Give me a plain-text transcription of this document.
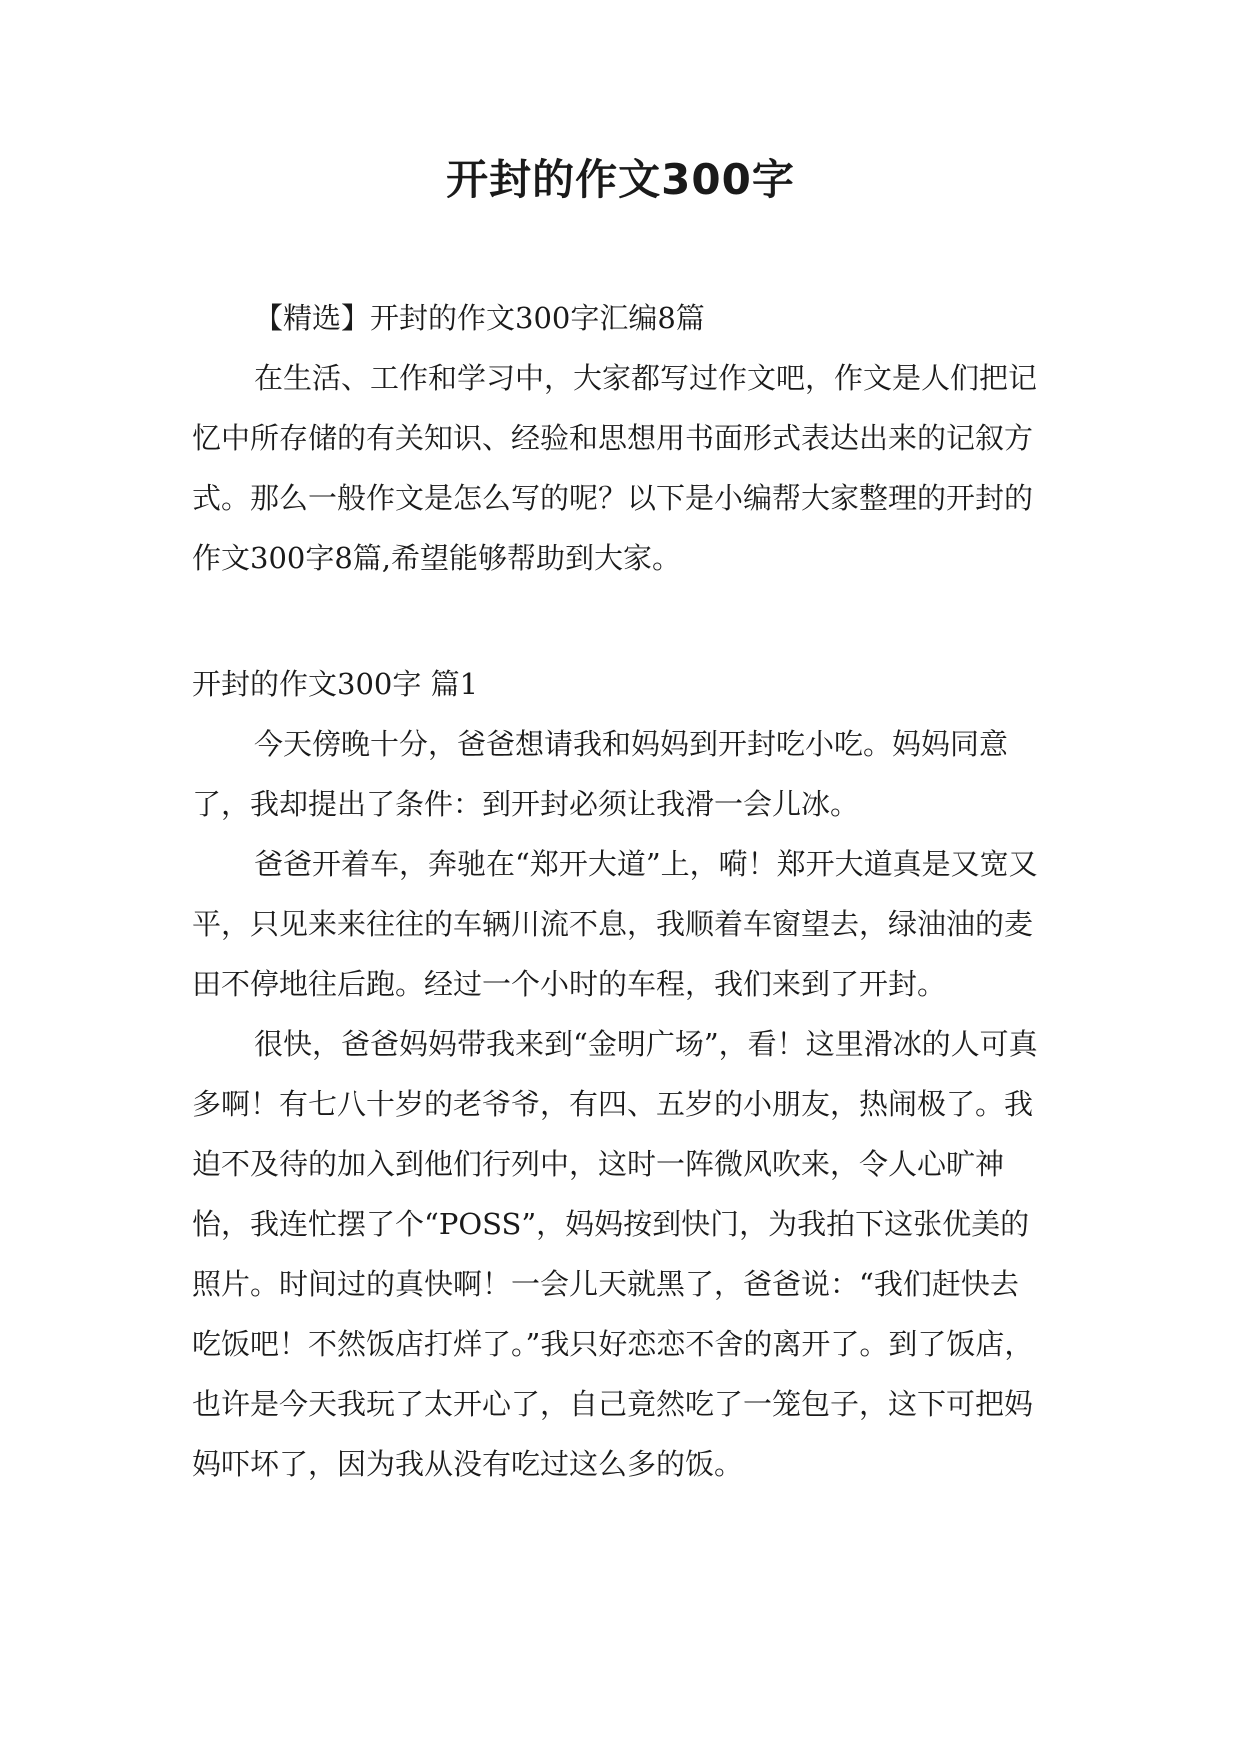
开封的作文300字

【精选】开封的作文300字汇编8篇

在生活、工作和学习中，大家都写过作文吧，作文是人们把记忆中所存储的有关知识、经验和思想用书面形式表达出来的记叙方式。那么一般作文是怎么写的呢？以下是小编帮大家整理的开封的作文300字8篇,希望能够帮助到大家。

开封的作文300字 篇1

今天傍晚十分，爸爸想请我和妈妈到开封吃小吃。妈妈同意了，我却提出了条件：到开封必须让我滑一会儿冰。

爸爸开着车，奔驰在“郑开大道”上，嗬！郑开大道真是又宽又平，只见来来往往的车辆川流不息，我顺着车窗望去，绿油油的麦田不停地往后跑。经过一个小时的车程，我们来到了开封。

很快，爸爸妈妈带我来到“金明广场”，看！这里滑冰的人可真多啊！有七八十岁的老爷爷，有四、五岁的小朋友，热闹极了。我迫不及待的加入到他们行列中，这时一阵微风吹来，令人心旷神怡，我连忙摆了个“POSS”，妈妈按到快门，为我拍下这张优美的照片。时间过的真快啊！一会儿天就黑了，爸爸说：“我们赶快去吃饭吧！不然饭店打烊了。”我只好恋恋不舍的离开了。到了饭店，也许是今天我玩了太开心了，自己竟然吃了一笼包子，这下可把妈妈吓坏了，因为我从没有吃过这么多的饭。
